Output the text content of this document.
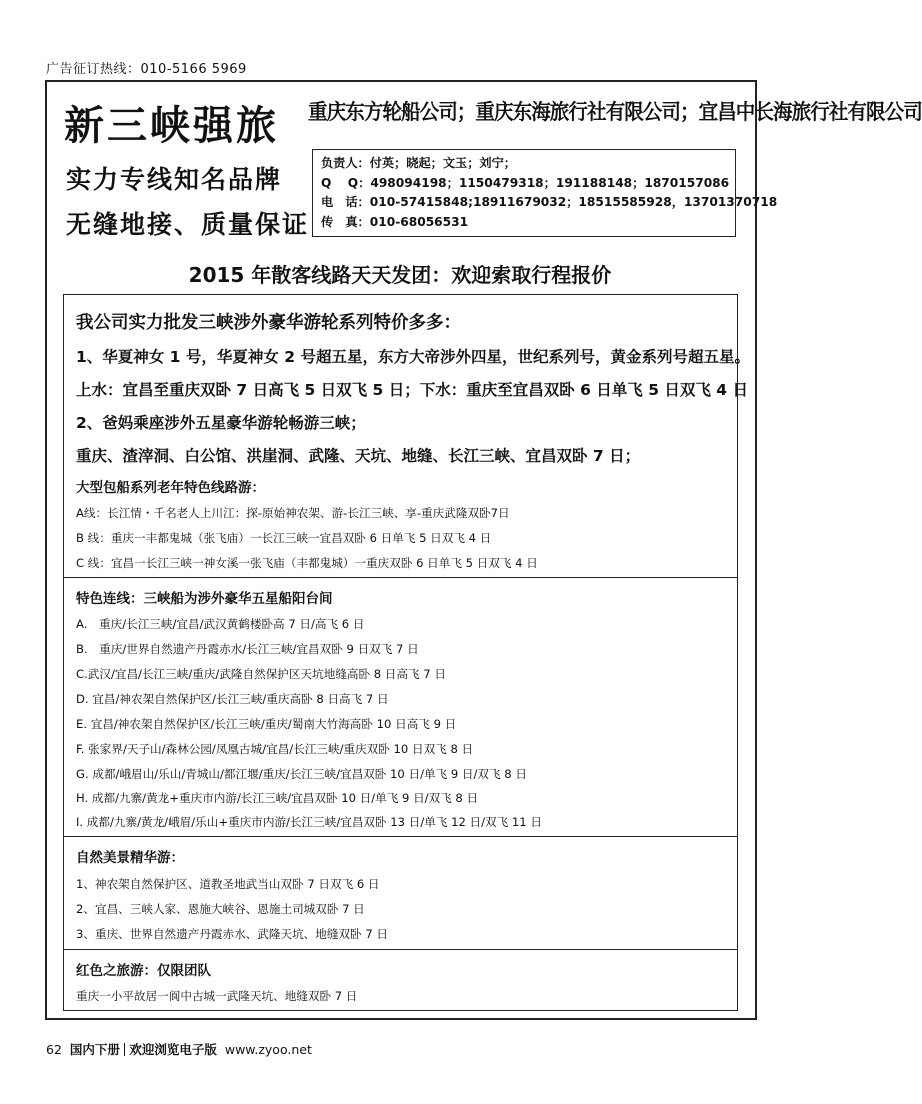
广告征订热线：010-5166 5969
新三峡强旅 重庆东方轮船公司；重庆东海旅行社有限公司；宜昌中长海旅行社有限公司
实力专线知名品牌
无缝地接、质量保证
负责人：付英；晓起；文玉；刘宁；
Q　 Q：498094198；1150479318；191188148；1870157086
电　话：010-57415848;18911679032；18515585928，13701370718
传　真：010-68056531
2015 年散客线路天天发团：欢迎索取行程报价
我公司实力批发三峡涉外豪华游轮系列特价多多：
1、华夏神女 1 号，华夏神女 2 号超五星，东方大帝涉外四星，世纪系列号，黄金系列号超五星。
上水：宜昌至重庆双卧 7 日高飞 5 日双飞 5 日；下水：重庆至宜昌双卧 6 日单飞 5 日双飞 4 日
2、爸妈乘座涉外五星豪华游轮畅游三峡；
重庆、渣滓洞、白公馆、洪崖洞、武隆、天坑、地缝、长江三峡、宜昌双卧 7 日；
大型包船系列老年特色线路游：
A线：长江情・千名老人上川江：探-原始神农架、游-长江三峡、享-重庆武隆双卧7日
B 线：重庆一丰都鬼城（张飞庙）一长江三峡一宜昌双卧 6 日单飞 5 日双飞 4 日
C 线：宜昌一长江三峡一神女溪一张飞庙（丰都鬼城）一重庆双卧 6 日单飞 5 日双飞 4 日
特色连线：三峡船为涉外豪华五星船阳台间
A.　重庆/长江三峡/宜昌/武汉黄鹤楼卧高 7 日/高飞 6 日
B.　重庆/世界自然遗产丹霞赤水/长江三峡/宜昌双卧 9 日双飞 7 日
C.武汉/宜昌/长江三峡/重庆/武隆自然保护区天坑地缝高卧 8 日高飞 7 日
D. 宜昌/神农架自然保护区/长江三峡/重庆高卧 8 日高飞 7 日
E. 宜昌/神农架自然保护区/长江三峡/重庆/蜀南大竹海高卧 10 日高飞 9 日
F. 张家界/天子山/森林公园/凤凰古城/宜昌/长江三峡/重庆双卧 10 日双飞 8 日
G. 成都/峨眉山/乐山/青城山/都江堰/重庆/长江三峡/宜昌双卧 10 日/单飞 9 日/双飞 8 日
H. 成都/九寨/黄龙+重庆市内游/长江三峡/宜昌双卧 10 日/单飞 9 日/双飞 8 日
I. 成都/九寨/黄龙/峨眉/乐山+重庆市内游/长江三峡/宜昌双卧 13 日/单飞 12 日/双飞 11 日
自然美景精华游：
1、神农架自然保护区、道教圣地武当山双卧 7 日双飞 6 日
2、宜昌、三峡人家、恩施大峡谷、恩施土司城双卧 7 日
3、重庆、世界自然遗产丹霞赤水、武隆天坑、地缝双卧 7 日
红色之旅游：仅限团队
重庆一小平故居一阆中古城一武隆天坑、地缝双卧 7 日
62 国内下册 欢迎浏览电子版 www.zyoo.net
